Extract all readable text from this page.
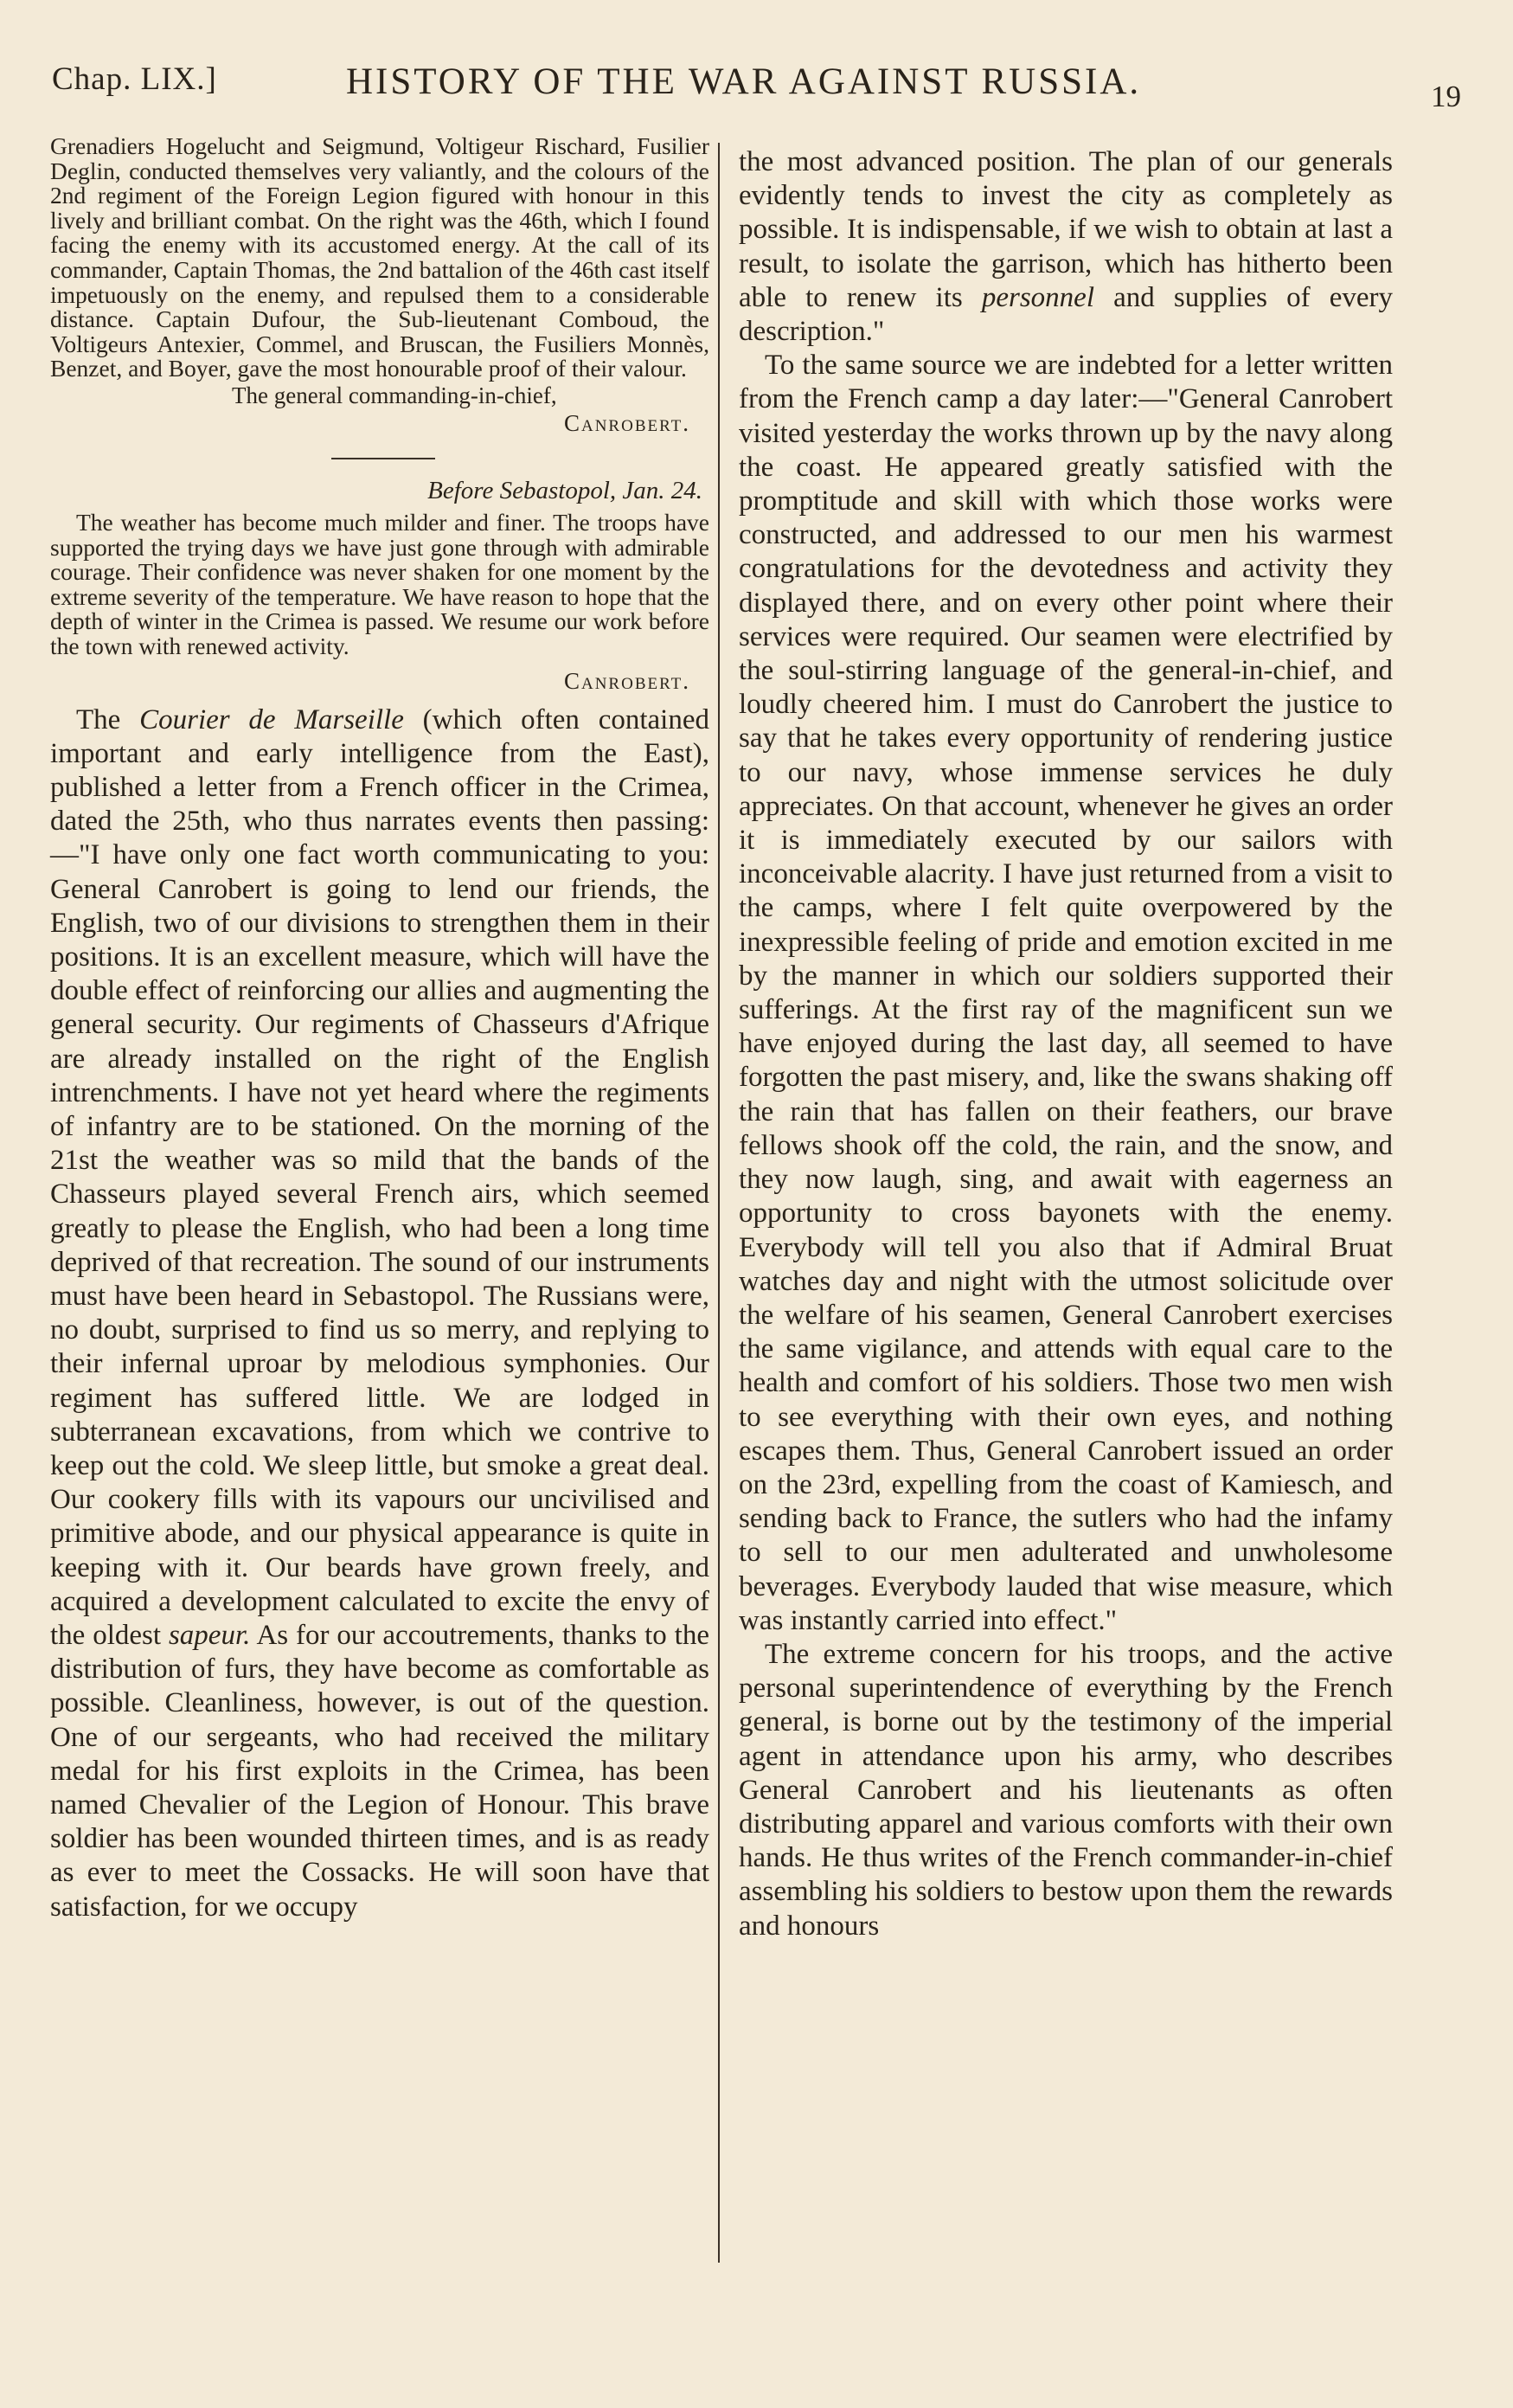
Chap. LIX.]	HISTORY OF THE WAR AGAINST RUSSIA.	19

Grenadiers Hogelucht and Seigmund, Voltigeur Rischard, Fusilier Deglin, conducted themselves very valiantly, and the colours of the 2nd regiment of the Foreign Legion figured with honour in this lively and brilliant combat. On the right was the 46th, which I found facing the enemy with its accustomed energy. At the call of its commander, Captain Thomas, the 2nd battalion of the 46th cast itself impetuously on the enemy, and repulsed them to a considerable distance. Captain Dufour, the Sub-lieutenant Comboud, the Voltigeurs Antexier, Commel, and Bruscan, the Fusiliers Monnès, Benzet, and Boyer, gave the most honourable proof of their valour.

The general commanding-in-chief,
Canrobert.
Before Sebastopol, Jan. 24.

The weather has become much milder and finer. The troops have supported the trying days we have just gone through with admirable courage. Their confidence was never shaken for one moment by the extreme severity of the temperature. We have reason to hope that the depth of winter in the Crimea is passed. We resume our work before the town with renewed activity.

Canrobert.

The Courier de Marseille (which often contained important and early intelligence from the East), published a letter from a French officer in the Crimea, dated the 25th, who thus narrates events then passing:—"I have only one fact worth communicating to you: General Canrobert is going to lend our friends, the English, two of our divisions to strengthen them in their positions. It is an excellent measure, which will have the double effect of reinforcing our allies and augmenting the general security. Our regiments of Chasseurs d'Afrique are already installed on the right of the English intrenchments. I have not yet heard where the regiments of infantry are to be stationed. On the morning of the 21st the weather was so mild that the bands of the Chasseurs played several French airs, which seemed greatly to please the English, who had been a long time deprived of that recreation. The sound of our instruments must have been heard in Sebastopol. The Russians were, no doubt, surprised to find us so merry, and replying to their infernal uproar by melodious symphonies. Our regiment has suffered little. We are lodged in subterranean excavations, from which we contrive to keep out the cold. We sleep little, but smoke a great deal. Our cookery fills with its vapours our uncivilised and primitive abode, and our physical appearance is quite in keeping with it. Our beards have grown freely, and acquired a development calculated to excite the envy of the oldest sapeur. As for our accoutrements, thanks to the distribution of furs, they have become as comfortable as possible. Cleanliness, however, is out of the question. One of our sergeants, who had received the military medal for his first exploits in the Crimea, has been named Chevalier of the Legion of Honour. This brave soldier has been wounded thirteen times, and is as ready as ever to meet the Cossacks. He will soon have that satisfaction, for we occupy

the most advanced position. The plan of our generals evidently tends to invest the city as completely as possible. It is indispensable, if we wish to obtain at last a result, to isolate the garrison, which has hitherto been able to renew its personnel and supplies of every description."

To the same source we are indebted for a letter written from the French camp a day later:—"General Canrobert visited yesterday the works thrown up by the navy along the coast. He appeared greatly satisfied with the promptitude and skill with which those works were constructed, and addressed to our men his warmest congratulations for the devotedness and activity they displayed there, and on every other point where their services were required. Our seamen were electrified by the soul-stirring language of the general-in-chief, and loudly cheered him. I must do Canrobert the justice to say that he takes every opportunity of rendering justice to our navy, whose immense services he duly appreciates. On that account, whenever he gives an order it is immediately executed by our sailors with inconceivable alacrity. I have just returned from a visit to the camps, where I felt quite overpowered by the inexpressible feeling of pride and emotion excited in me by the manner in which our soldiers supported their sufferings. At the first ray of the magnificent sun we have enjoyed during the last day, all seemed to have forgotten the past misery, and, like the swans shaking off the rain that has fallen on their feathers, our brave fellows shook off the cold, the rain, and the snow, and they now laugh, sing, and await with eagerness an opportunity to cross bayonets with the enemy. Everybody will tell you also that if Admiral Bruat watches day and night with the utmost solicitude over the welfare of his seamen, General Canrobert exercises the same vigilance, and attends with equal care to the health and comfort of his soldiers. Those two men wish to see everything with their own eyes, and nothing escapes them. Thus, General Canrobert issued an order on the 23rd, expelling from the coast of Kamiesch, and sending back to France, the sutlers who had the infamy to sell to our men adulterated and unwholesome beverages. Everybody lauded that wise measure, which was instantly carried into effect."

The extreme concern for his troops, and the active personal superintendence of everything by the French general, is borne out by the testimony of the imperial agent in attendance upon his army, who describes General Canrobert and his lieutenants as often distributing apparel and various comforts with their own hands. He thus writes of the French commander-in-chief assembling his soldiers to bestow upon them the rewards and honours
